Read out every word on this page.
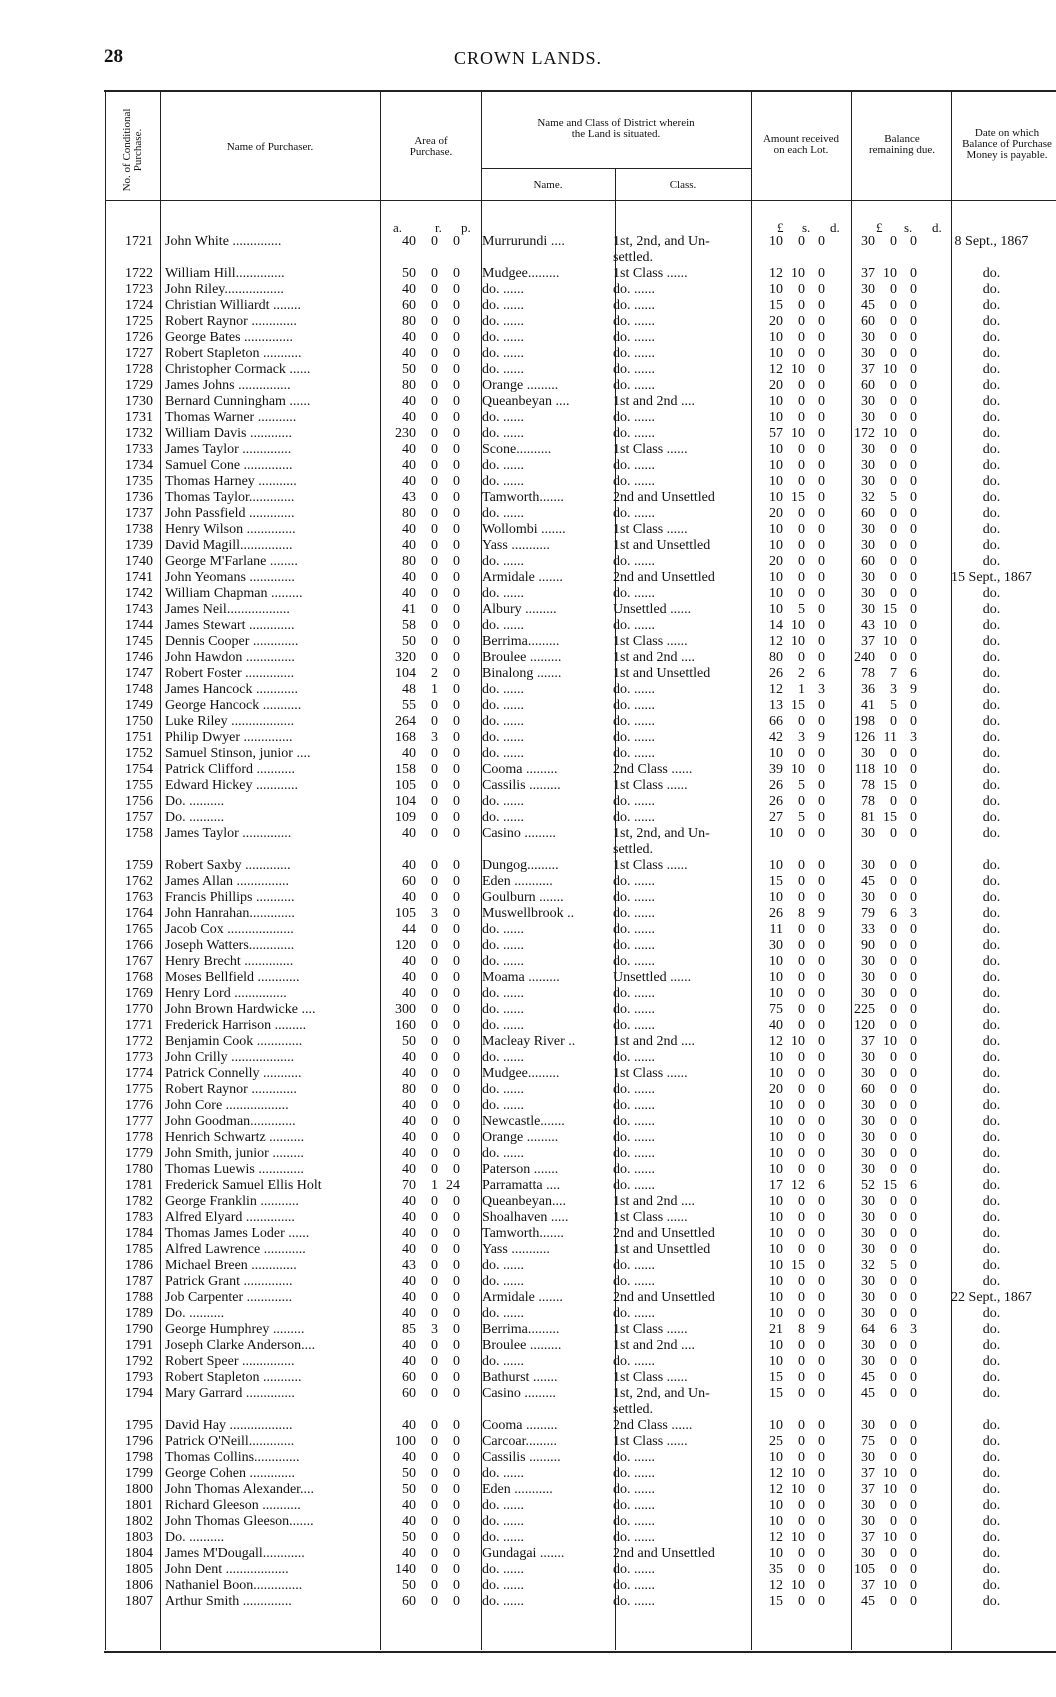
28	CROWN LANDS.
No. of Conditional Purchase.	Name of Purchaser.	Area of Purchase.
Name and Class of District wherein the Land is situated.
Name.	Class.
Amount received on each Lot.
Balance remaining due.
Date on which Balance of Purchase Money is payable.
a.	r. p.	£ s. d.	£ s. d.
1721	John White ..............	40	0	0		Murrurundi ....	1st, 2nd, and Un-	10	0	0	30	0	0	8 Sept., 1867
							settled.							
1722	William Hill..............	50	0	0		Mudgee.........	1st Class ......	12	10	0	37	10	0	do.
1723	John Riley.................	40	0	0		do. ......	do. ......	10	0	0	30	0	0	do.
1724	Christian Williardt ........	60	0	0		do. ......	do. ......	15	0	0	45	0	0	do.
1725	Robert Raynor .............	80	0	0		do. ......	do. ......	20	0	0	60	0	0	do.
1726	George Bates ..............	40	0	0		do. ......	do. ......	10	0	0	30	0	0	do.
1727	Robert Stapleton ...........	40	0	0		do. ......	do. ......	10	0	0	30	0	0	do.
1728	Christopher Cormack ......	50	0	0		do. ......	do. ......	12	10	0	37	10	0	do.
1729	James Johns ...............	80	0	0		Orange .........	do. ......	20	0	0	60	0	0	do.
1730	Bernard Cunningham ......	40	0	0		Queanbeyan ....	1st and 2nd ....	10	0	0	30	0	0	do.
1731	Thomas Warner ...........	40	0	0		do. ......	do. ......	10	0	0	30	0	0	do.
1732	William Davis ............	230	0	0		do. ......	do. ......	57	10	0	172	10	0	do.
1733	James Taylor ..............	40	0	0		Scone..........	1st Class ......	10	0	0	30	0	0	do.
1734	Samuel Cone ..............	40	0	0		do. ......	do. ......	10	0	0	30	0	0	do.
1735	Thomas Harney ...........	40	0	0		do. ......	do. ......	10	0	0	30	0	0	do.
1736	Thomas Taylor.............	43	0	0		Tamworth.......	2nd and Unsettled	10	15	0	32	5	0	do.
1737	John Passfield .............	80	0	0		do. ......	do. ......	20	0	0	60	0	0	do.
1738	Henry Wilson ..............	40	0	0		Wollombi .......	1st Class ......	10	0	0	30	0	0	do.
1739	David Magill...............	40	0	0		Yass ...........	1st and Unsettled	10	0	0	30	0	0	do.
1740	George M'Farlane ........	80	0	0		do. ......	do. ......	20	0	0	60	0	0	do.
1741	John Yeomans .............	40	0	0		Armidale .......	2nd and Unsettled	10	0	0	30	0	0	15 Sept., 1867
1742	William Chapman .........	40	0	0		do. ......	do. ......	10	0	0	30	0	0	do.
1743	James Neil..................	41	0	0		Albury .........	Unsettled ......	10	5	0	30	15	0	do.
1744	James Stewart .............	58	0	0		do. ......	do. ......	14	10	0	43	10	0	do.
1745	Dennis Cooper .............	50	0	0		Berrima.........	1st Class ......	12	10	0	37	10	0	do.
1746	John Hawdon ..............	320	0	0		Broulee .........	1st and 2nd ....	80	0	0	240	0	0	do.
1747	Robert Foster ..............	104	2	0		Binalong .......	1st and Unsettled	26	2	6	78	7	6	do.
1748	James Hancock ............	48	1	0		do. ......	do. ......	12	1	3	36	3	9	do.
1749	George Hancock ...........	55	0	0		do. ......	do. ......	13	15	0	41	5	0	do.
1750	Luke Riley ..................	264	0	0		do. ......	do. ......	66	0	0	198	0	0	do.
1751	Philip Dwyer ..............	168	3	0		do. ......	do. ......	42	3	9	126	11	3	do.
1752	Samuel Stinson, junior ....	40	0	0		do. ......	do. ......	10	0	0	30	0	0	do.
1754	Patrick Clifford ...........	158	0	0		Cooma .........	2nd Class ......	39	10	0	118	10	0	do.
1755	Edward Hickey ............	105	0	0		Cassilis .........	1st Class ......	26	5	0	78	15	0	do.
1756	Do. ..........	104	0	0		do. ......	do. ......	26	0	0	78	0	0	do.
1757	Do. ..........	109	0	0		do. ......	do. ......	27	5	0	81	15	0	do.
1758	James Taylor ..............	40	0	0		Casino .........	1st, 2nd, and Un-	10	0	0	30	0	0	do.
							settled.							
1759	Robert Saxby .............	40	0	0		Dungog.........	1st Class ......	10	0	0	30	0	0	do.
1762	James Allan ...............	60	0	0		Eden ...........	do. ......	15	0	0	45	0	0	do.
1763	Francis Phillips ...........	40	0	0		Goulburn .......	do. ......	10	0	0	30	0	0	do.
1764	John Hanrahan.............	105	3	0		Muswellbrook ..	do. ......	26	8	9	79	6	3	do.
1765	Jacob Cox ...................	44	0	0		do. ......	do. ......	11	0	0	33	0	0	do.
1766	Joseph Watters.............	120	0	0		do. ......	do. ......	30	0	0	90	0	0	do.
1767	Henry Brecht ..............	40	0	0		do. ......	do. ......	10	0	0	30	0	0	do.
1768	Moses Bellfield ............	40	0	0		Moama .........	Unsettled ......	10	0	0	30	0	0	do.
1769	Henry Lord ...............	40	0	0		do. ......	do. ......	10	0	0	30	0	0	do.
1770	John Brown Hardwicke ....	300	0	0		do. ......	do. ......	75	0	0	225	0	0	do.
1771	Frederick Harrison .........	160	0	0		do. ......	do. ......	40	0	0	120	0	0	do.
1772	Benjamin Cook .............	50	0	0		Macleay River ..	1st and 2nd ....	12	10	0	37	10	0	do.
1773	John Crilly ..................	40	0	0		do. ......	do. ......	10	0	0	30	0	0	do.
1774	Patrick Connelly ...........	40	0	0		Mudgee.........	1st Class ......	10	0	0	30	0	0	do.
1775	Robert Raynor .............	80	0	0		do. ......	do. ......	20	0	0	60	0	0	do.
1776	John Core ..................	40	0	0		do. ......	do. ......	10	0	0	30	0	0	do.
1777	John Goodman.............	40	0	0		Newcastle.......	do. ......	10	0	0	30	0	0	do.
1778	Henrich Schwartz ..........	40	0	0		Orange .........	do. ......	10	0	0	30	0	0	do.
1779	John Smith, junior .........	40	0	0		do. ......	do. ......	10	0	0	30	0	0	do.
1780	Thomas Luewis .............	40	0	0		Paterson .......	do. ......	10	0	0	30	0	0	do.
1781	Frederick Samuel Ellis Holt	70	1	24		Parramatta ....	do. ......	17	12	6	52	15	6	do.
1782	George Franklin ...........	40	0	0		Queanbeyan....	1st and 2nd ....	10	0	0	30	0	0	do.
1783	Alfred Elyard ..............	40	0	0		Shoalhaven .....	1st Class ......	10	0	0	30	0	0	do.
1784	Thomas James Loder ......	40	0	0		Tamworth.......	2nd and Unsettled	10	0	0	30	0	0	do.
1785	Alfred Lawrence ............	40	0	0		Yass ...........	1st and Unsettled	10	0	0	30	0	0	do.
1786	Michael Breen .............	43	0	0		do. ......	do. ......	10	15	0	32	5	0	do.
1787	Patrick Grant ..............	40	0	0		do. ......	do. ......	10	0	0	30	0	0	do.
1788	Job Carpenter .............	40	0	0		Armidale .......	2nd and Unsettled	10	0	0	30	0	0	22 Sept., 1867
1789	Do. ..........	40	0	0		do. ......	do. ......	10	0	0	30	0	0	do.
1790	George Humphrey .........	85	3	0		Berrima.........	1st Class ......	21	8	9	64	6	3	do.
1791	Joseph Clarke Anderson....	40	0	0		Broulee .........	1st and 2nd ....	10	0	0	30	0	0	do.
1792	Robert Speer ...............	40	0	0		do. ......	do. ......	10	0	0	30	0	0	do.
1793	Robert Stapleton ...........	60	0	0		Bathurst .......	1st Class ......	15	0	0	45	0	0	do.
1794	Mary Garrard ..............	60	0	0		Casino .........	1st, 2nd, and Un-	15	0	0	45	0	0	do.
							settled.							
1795	David Hay ..................	40	0	0		Cooma .........	2nd Class ......	10	0	0	30	0	0	do.
1796	Patrick O'Neill.............	100	0	0		Carcoar.........	1st Class ......	25	0	0	75	0	0	do.
1798	Thomas Collins.............	40	0	0		Cassilis .........	do. ......	10	0	0	30	0	0	do.
1799	George Cohen .............	50	0	0		do. ......	do. ......	12	10	0	37	10	0	do.
1800	John Thomas Alexander....	50	0	0		Eden ...........	do. ......	12	10	0	37	10	0	do.
1801	Richard Gleeson ...........	40	0	0		do. ......	do. ......	10	0	0	30	0	0	do.
1802	John Thomas Gleeson.......	40	0	0		do. ......	do. ......	10	0	0	30	0	0	do.
1803	Do. ..........	50	0	0		do. ......	do. ......	12	10	0	37	10	0	do.
1804	James M'Dougall............	40	0	0		Gundagai .......	2nd and Unsettled	10	0	0	30	0	0	do.
1805	John Dent ..................	140	0	0		do. ......	do. ......	35	0	0	105	0	0	do.
1806	Nathaniel Boon..............	50	0	0		do. ......	do. ......	12	10	0	37	10	0	do.
1807	Arthur Smith ..............	60	0	0		do. ......	do. ......	15	0	0	45	0	0	do.
